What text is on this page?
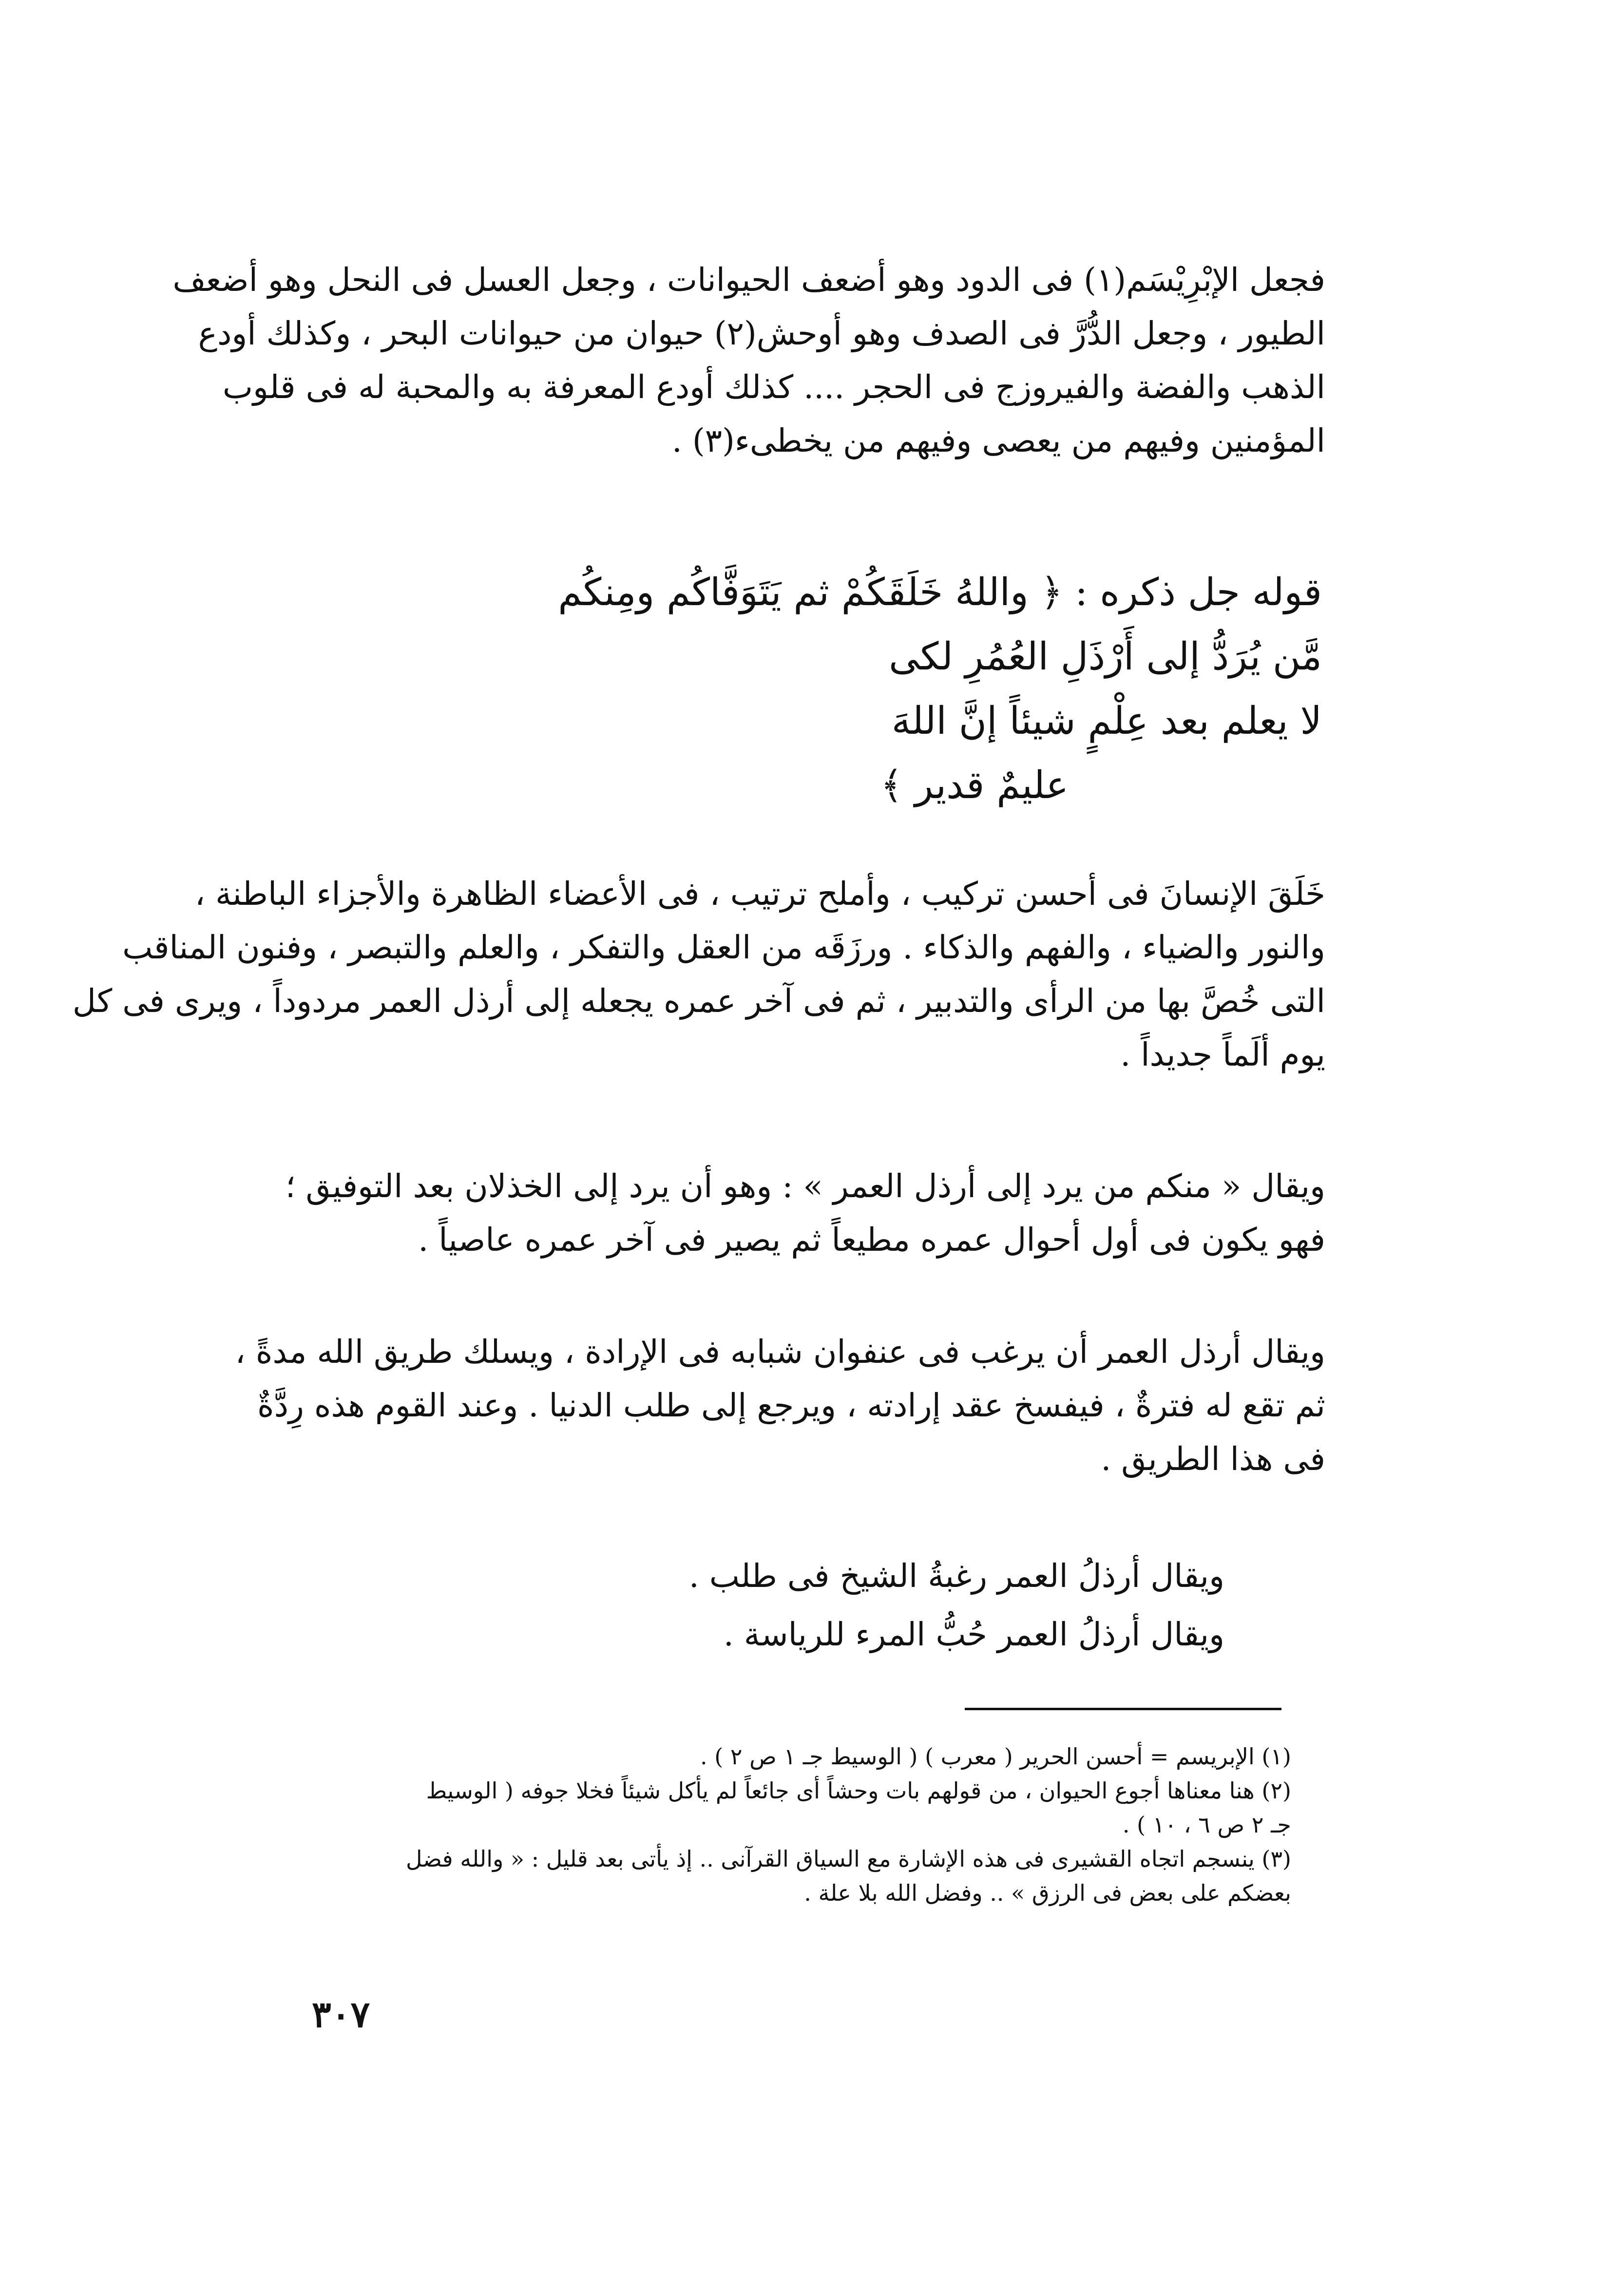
فجعل الإبْرِيْسَم(١) فى الدود وهو أضعف الحيوانات ، وجعل العسل فى النحل وهو أضعف
الطيور ، وجعل الدُّرَّ فى الصدف وهو أوحش(٢) حيوان من حيوانات البحر ، وكذلك أودع
الذهب والفضة والفيروزج فى الحجر .... كذلك أودع المعرفة به والمحبة له فى قلوب
المؤمنين وفيهم من يعصى وفيهم من يخطىء(٣) .
قوله جل ذكره : ﴿ واللهُ خَلَقَكُمْ ثم يَتَوَفَّاكُم ومِنكُم
مَّن يُرَدُّ إلى أَرْذَلِ العُمُرِ لكى
لا يعلم بعد عِلْمٍ شيئاً إنَّ اللهَ
عليمٌ قدير ﴾
خَلَقَ الإنسانَ فى أحسن تركيب ، وأملح ترتيب ، فى الأعضاء الظاهرة والأجزاء الباطنة ،
والنور والضياء ، والفهم والذكاء . ورزَقَه من العقل والتفكر ، والعلم والتبصر ، وفنون المناقب
التى خُصَّ بها من الرأى والتدبير ، ثم فى آخر عمره يجعله إلى أرذل العمر مردوداً ، ويرى فى كل
يوم ألَماً جديداً .
ويقال « منكم من يرد إلى أرذل العمر » : وهو أن يرد إلى الخذلان بعد التوفيق ؛
فهو يكون فى أول أحوال عمره مطيعاً ثم يصير فى آخر عمره عاصياً .
ويقال أرذل العمر أن يرغب فى عنفوان شبابه فى الإرادة ، ويسلك طريق الله مدةً ،
ثم تقع له فترةٌ ، فيفسخ عقد إرادته ، ويرجع إلى طلب الدنيا . وعند القوم هذه رِدَّةٌ
فى هذا الطريق .
ويقال أرذلُ العمر رغبةُ الشيخ فى طلب .
ويقال أرذلُ العمر حُبُّ المرء للرياسة .
(١) الإبريسم = أحسن الحرير ( معرب ) ( الوسيط جـ ١ ص ٢ ) .
(٢) هنا معناها أجوع الحيوان ، من قولهم بات وحشاً أى جائعاً لم يأكل شيئاً فخلا جوفه ( الوسيط
جـ ٢ ص ٦ ، ١٠ ) .
(٣) ينسجم اتجاه القشيرى فى هذه الإشارة مع السياق القرآنى .. إذ يأتى بعد قليل : « والله فضل
بعضكم على بعض فى الرزق » .. وفضل الله بلا علة .
٣٠٧
